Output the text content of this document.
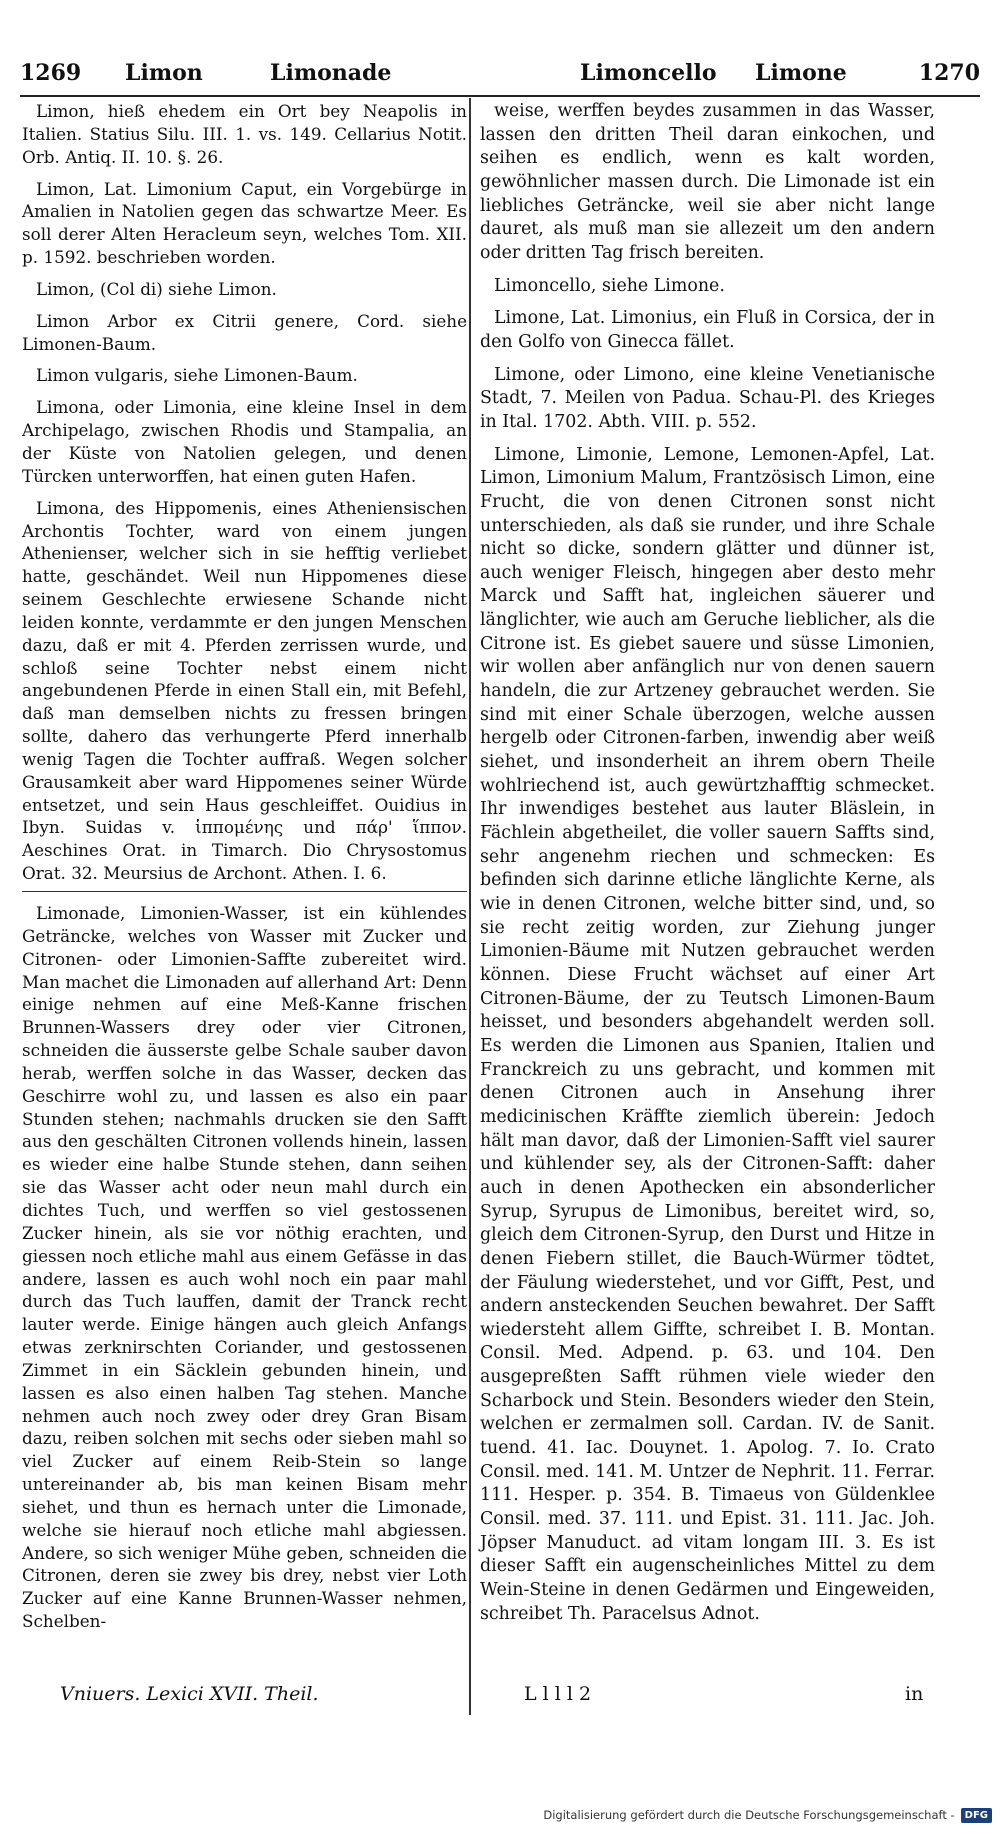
1269 Limon	Limonade	Limoncello Limone	1270

Limon, hieß ehedem ein Ort bey Neapolis in Italien. Statius Silu. III. 1. vs. 149. Cellarius Notit. Orb. Antiq. II. 10. §. 26.

Limon, Lat. Limonium Caput, ein Vorgebürge in Amalien in Natolien gegen das schwartze Meer. Es soll derer Alten Heracleum seyn, welches Tom. XII. p. 1592. beschrieben worden.

Limon, (Col di) siehe Limon.

Limon Arbor ex Citrii genere, Cord. siehe Limonen-Baum.

Limon vulgaris, siehe Limonen-Baum.

Limona, oder Limonia, eine kleine Insel in dem Archipelago, zwischen Rhodis und Stampalia, an der Küste von Natolien gelegen, und denen Türcken unterworffen, hat einen guten Hafen.

Limona, des Hippomenis, eines Atheniensischen Archontis Tochter, ward von einem jungen Athenienser, welcher sich in sie hefftig verliebet hatte, geschändet. Weil nun Hippomenes diese seinem Geschlechte erwiesene Schande nicht leiden konnte, verdammte er den jungen Menschen dazu, daß er mit 4. Pferden zerrissen wurde, und schloß seine Tochter nebst einem nicht angebundenen Pferde in einen Stall ein, mit Befehl, daß man demselben nichts zu fressen bringen sollte, dahero das verhungerte Pferd innerhalb wenig Tagen die Tochter auffraß. Wegen solcher Grausamkeit aber ward Hippomenes seiner Würde entsetzet, und sein Haus geschleiffet. Ouidius in Ibyn. Suidas v. ἱππομένης und πάρ' ἵππον. Aeschines Orat. in Timarch. Dio Chrysostomus Orat. 32. Meursius de Archont. Athen. I. 6.

Limonade, Limonien-Wasser, ist ein kühlendes Geträncke, welches von Wasser mit Zucker und Citronen- oder Limonien-Saffte zubereitet wird. Man machet die Limonaden auf allerhand Art: Denn einige nehmen auf eine Meß-Kanne frischen Brunnen-Wassers drey oder vier Citronen, schneiden die äusserste gelbe Schale sauber davon herab, werffen solche in das Wasser, decken das Geschirre wohl zu, und lassen es also ein paar Stunden stehen; nachmahls drucken sie den Safft aus den geschälten Citronen vollends hinein, lassen es wieder eine halbe Stunde stehen, dann seihen sie das Wasser acht oder neun mahl durch ein dichtes Tuch, und werffen so viel gestossenen Zucker hinein, als sie vor nöthig erachten, und giessen noch etliche mahl aus einem Gefässe in das andere, lassen es auch wohl noch ein paar mahl durch das Tuch lauffen, damit der Tranck recht lauter werde. Einige hängen auch gleich Anfangs etwas zerknirschten Coriander, und gestossenen Zimmet in ein Säcklein gebunden hinein, und lassen es also einen halben Tag stehen. Manche nehmen auch noch zwey oder drey Gran Bisam dazu, reiben solchen mit sechs oder sieben mahl so viel Zucker auf einem Reib-Stein so lange untereinander ab, bis man keinen Bisam mehr siehet, und thun es hernach unter die Limonade, welche sie hierauf noch etliche mahl abgiessen. Andere, so sich weniger Mühe geben, schneiden die Citronen, deren sie zwey bis drey, nebst vier Loth Zucker auf eine Kanne Brunnen-Wasser nehmen, Schelben-

weise, werffen beydes zusammen in das Wasser, lassen den dritten Theil daran einkochen, und seihen es endlich, wenn es kalt worden, gewöhnlicher massen durch. Die Limonade ist ein liebliches Geträncke, weil sie aber nicht lange dauret, als muß man sie allezeit um den andern oder dritten Tag frisch bereiten.

Limoncello, siehe Limone.

Limone, Lat. Limonius, ein Fluß in Corsica, der in den Golfo von Ginecca fället.

Limone, oder Limono, eine kleine Venetianische Stadt, 7. Meilen von Padua. Schau-Pl. des Krieges in Ital. 1702. Abth. VIII. p. 552.

Limone, Limonie, Lemone, Lemonen-Apfel, Lat. Limon, Limonium Malum, Frantzösisch Limon, eine Frucht, die von denen Citronen sonst nicht unterschieden, als daß sie runder, und ihre Schale nicht so dicke, sondern glätter und dünner ist, auch weniger Fleisch, hingegen aber desto mehr Marck und Safft hat, ingleichen säuerer und länglichter, wie auch am Geruche lieblicher, als die Citrone ist. Es giebet sauere und süsse Limonien, wir wollen aber anfänglich nur von denen sauern handeln, die zur Artzeney gebrauchet werden. Sie sind mit einer Schale überzogen, welche aussen hergelb oder Citronen-farben, inwendig aber weiß siehet, und insonderheit an ihrem obern Theile wohlriechend ist, auch gewürtzhafftig schmecket. Ihr inwendiges bestehet aus lauter Bläslein, in Fächlein abgetheilet, die voller sauern Saffts sind, sehr angenehm riechen und schmecken: Es befinden sich darinne etliche länglichte Kerne, als wie in denen Citronen, welche bitter sind, und, so sie recht zeitig worden, zur Ziehung junger Limonien-Bäume mit Nutzen gebrauchet werden können. Diese Frucht wächset auf einer Art Citronen-Bäume, der zu Teutsch Limonen-Baum heisset, und besonders abgehandelt werden soll. Es werden die Limonen aus Spanien, Italien und Franckreich zu uns gebracht, und kommen mit denen Citronen auch in Ansehung ihrer medicinischen Kräffte ziemlich überein: Jedoch hält man davor, daß der Limonien-Safft viel saurer und kühlender sey, als der Citronen-Safft: daher auch in denen Apothecken ein absonderlicher Syrup, Syrupus de Limonibus, bereitet wird, so, gleich dem Citronen-Syrup, den Durst und Hitze in denen Fiebern stillet, die Bauch-Würmer tödtet, der Fäulung wiederstehet, und vor Gifft, Pest, und andern ansteckenden Seuchen bewahret. Der Safft wiedersteht allem Giffte, schreibet I. B. Montan. Consil. Med. Adpend. p. 63. und 104. Den ausgepreßten Safft rühmen viele wieder den Scharbock und Stein. Besonders wieder den Stein, welchen er zermalmen soll. Cardan. IV. de Sanit. tuend. 41. Iac. Douynet. 1. Apolog. 7. Io. Crato Consil. med. 141. M. Untzer de Nephrit. 11. Ferrar. 111. Hesper. p. 354. B. Timaeus von Güldenklee Consil. med. 37. 111. und Epist. 31. 111. Jac. Joh. Jöpser Manuduct. ad vitam longam III. 3. Es ist dieser Safft ein augenscheinliches Mittel zu dem Wein-Steine in denen Gedärmen und Eingeweiden, schreibet Th. Paracelsus Adnot.

Vniuers. Lexici XVII. Theil.	L l l l 2	in
Digitalisierung gefördert durch die Deutsche Forschungsgemeinschaft -	DFG
